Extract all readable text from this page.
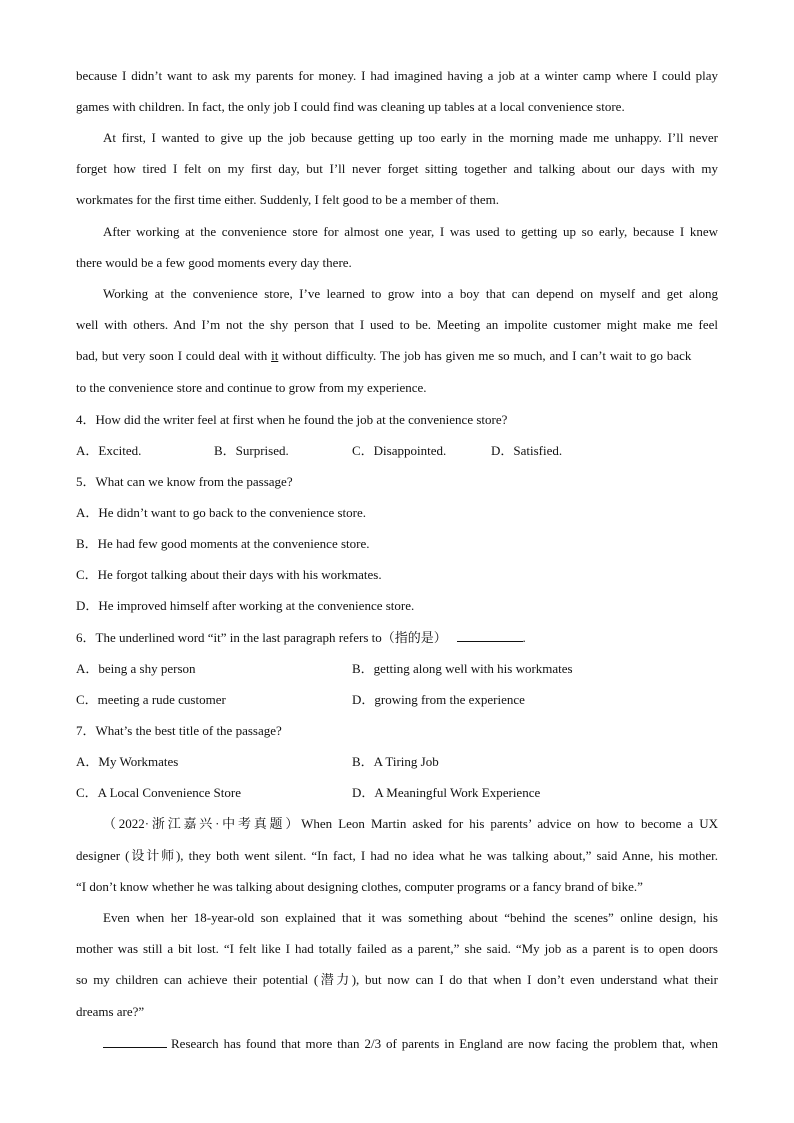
because I didn’t want to ask my parents for money. I had imagined having a job at a winter camp where I could play
games with children. In fact, the only job I could find was cleaning up tables at a local convenience store.
At first, I wanted to give up the job because getting up too early in the morning made me unhappy. I’ll never
forget how tired I felt on my first day, but I’ll never forget sitting together and talking about our days with my
workmates for the first time either. Suddenly, I felt good to be a member of them.
After working at the convenience store for almost one year, I was used to getting up so early, because I knew
there would be a few good moments every day there.
Working at the convenience store, I’ve learned to grow into a boy that can depend on myself and get along
well with others. And I’m not the shy person that I used to be. Meeting an impolite customer might make me feel
bad, but very soon I could deal with it without difficulty. The job has given me so much, and I can’t wait to go back
to the convenience store and continue to grow from my experience.
4．How did the writer feel at first when he found the job at the convenience store?
A．Excited.	B．Surprised.	C．Disappointed.	D．Satisfied.
5．What can we know from the passage?
A．He didn’t want to go back to the convenience store.
B．He had few good moments at the convenience store.
C．He forgot talking about their days with his workmates.
D．He improved himself after working at the convenience store.
6．The underlined word “it” in the last paragraph refers to（指的是）	.
A．being a shy person	B．getting along well with his workmates
C．meeting a rude customer	D．growing from the experience
7．What’s the best title of the passage?
A．My Workmates	B．A Tiring Job
C．A Local Convenience Store	D．A Meaningful Work Experience
（2022·浙江嘉兴·中考真题）When Leon Martin asked for his parents’ advice on how to become a UX
designer (设计师), they both went silent. “In fact, I had no idea what he was talking about,” said Anne, his mother.
“I don’t know whether he was talking about designing clothes, computer programs or a fancy brand of bike.”
Even when her 18-year-old son explained that it was something about “behind the scenes” online design, his
mother was still a bit lost. “I felt like I had totally failed as a parent,” she said. “My job as a parent is to open doors
so my children can achieve their potential (潜力), but now can I do that when I don’t even understand what their
dreams are?”
Research has found that more than 2/3 of parents in England are now facing the problem that, when
